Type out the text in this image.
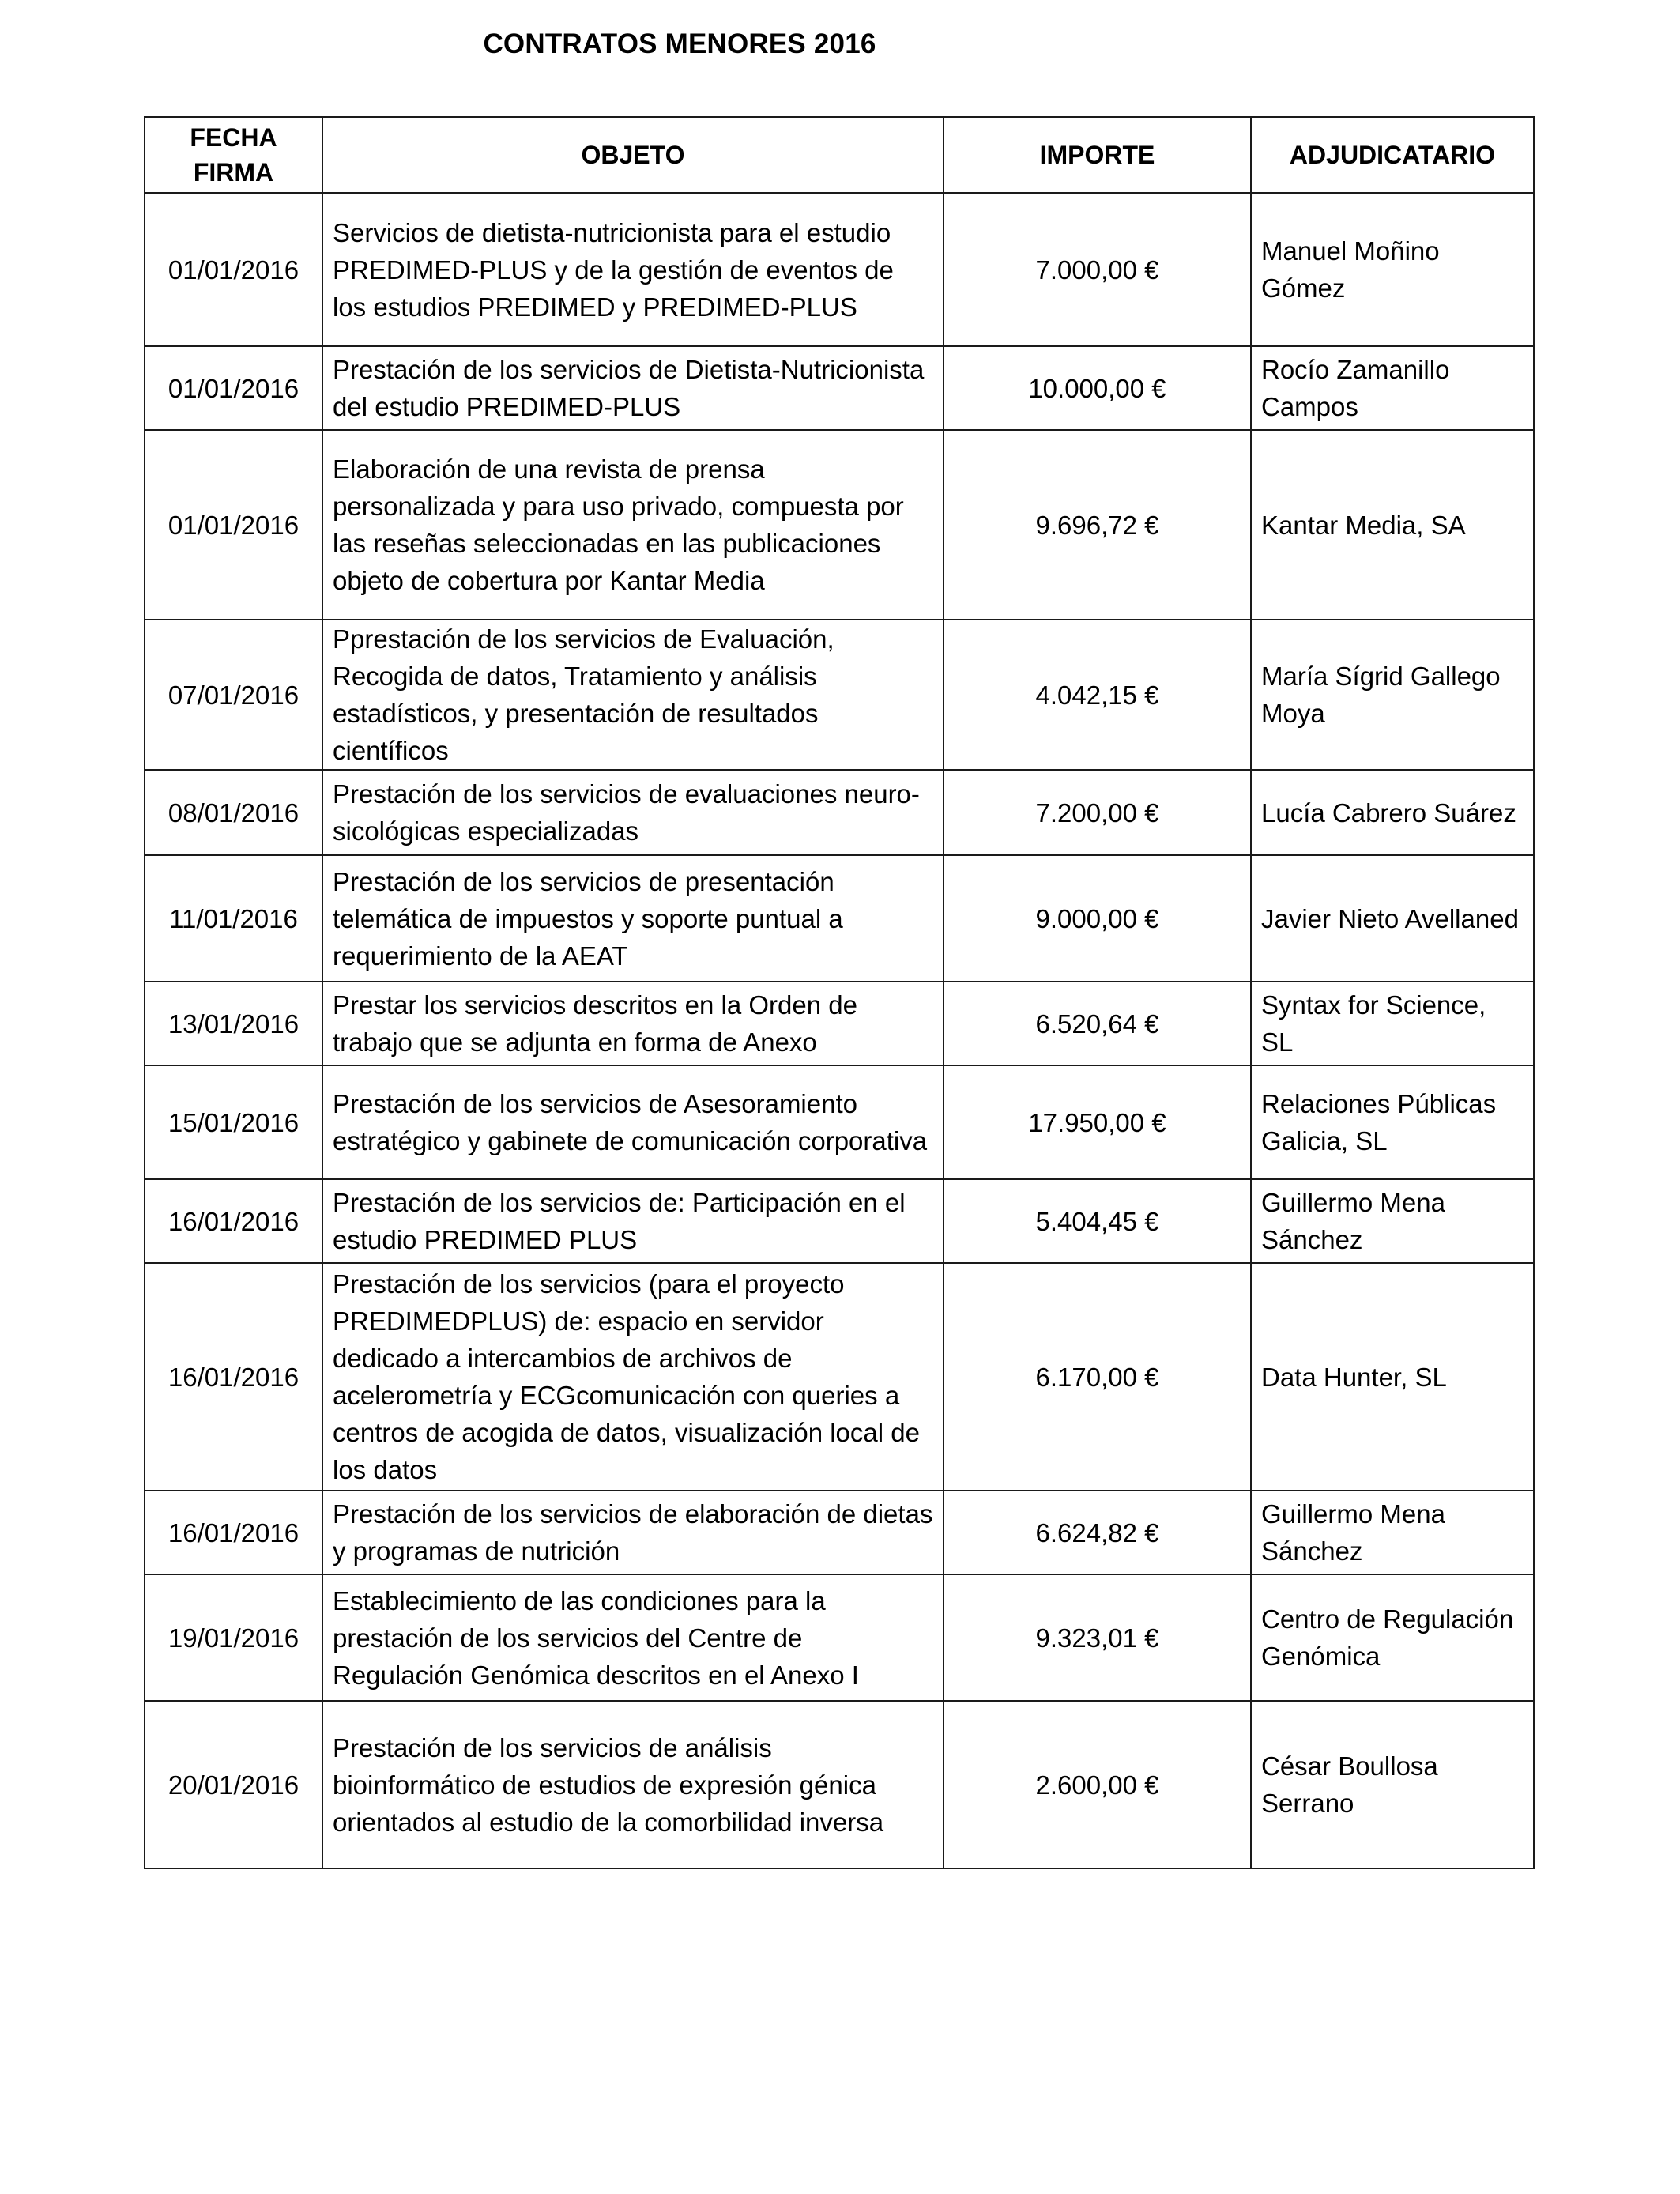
CONTRATOS MENORES 2016
FECHA FIRMA	OBJETO	IMPORTE	ADJUDICATARIO
01/01/2016	Servicios de dietista-nutricionista para el estudio PREDIMED-PLUS y de la gestión de eventos de los estudios PREDIMED y PREDIMED-PLUS	7.000,00 €	Manuel Moñino Gómez
01/01/2016	Prestación de los servicios de Dietista-Nutricionista del estudio PREDIMED-PLUS	10.000,00 €	Rocío Zamanillo Campos
01/01/2016	Elaboración de una revista de prensa personalizada y para uso privado, compuesta por las reseñas seleccionadas en las publicaciones objeto de cobertura por Kantar Media	9.696,72 €	Kantar Media, SA
07/01/2016	Pprestación de los servicios de Evaluación, Recogida de datos, Tratamiento y análisis estadísticos, y presentación de resultados científicos	4.042,15 €	María Sígrid Gallego Moya
08/01/2016	Prestación de los servicios de evaluaciones neuro-sicológicas especializadas	7.200,00 €	Lucía Cabrero Suárez
11/01/2016	Prestación de los servicios de presentación telemática de impuestos y soporte puntual a requerimiento de la AEAT	9.000,00 €	Javier Nieto Avellaned
13/01/2016	Prestar los servicios descritos en la Orden de trabajo que se adjunta en forma de Anexo	6.520,64 €	Syntax for Science, SL
15/01/2016	Prestación de los servicios de Asesoramiento estratégico y gabinete de comunicación corporativa	17.950,00 €	Relaciones Públicas Galicia, SL
16/01/2016	Prestación de los servicios de: Participación en el estudio PREDIMED PLUS	5.404,45 €	Guillermo Mena Sánchez
16/01/2016	Prestación de los servicios (para el proyecto PREDIMEDPLUS) de: espacio en servidor dedicado a intercambios de archivos de acelerometría y ECGcomunicación con queries a centros de acogida de datos, visualización local de los datos	6.170,00 €	Data Hunter, SL
16/01/2016	Prestación de los servicios de elaboración de dietas y programas de nutrición	6.624,82 €	Guillermo Mena Sánchez
19/01/2016	Establecimiento de las condiciones para la prestación de los servicios del Centre de Regulación Genómica descritos en el Anexo I	9.323,01 €	Centro de Regulación Genómica
20/01/2016	Prestación de los servicios de análisis bioinformático de estudios de expresión génica orientados al estudio de la comorbilidad inversa	2.600,00 €	César Boullosa Serrano
